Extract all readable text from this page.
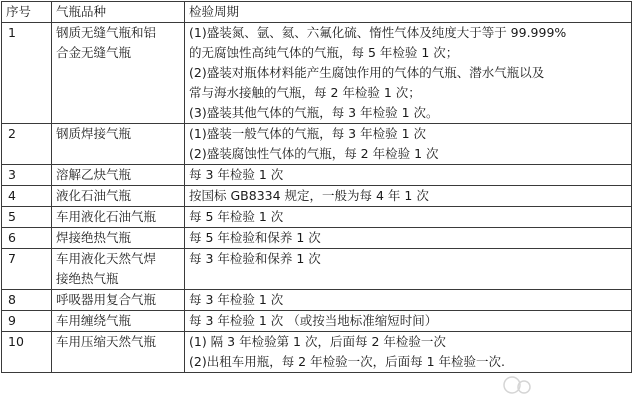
序号	气瓶品种	检验周期
1	钢质无缝气瓶和铝
合金无缝气瓶	(1)盛装氮、氩、氦、六氟化硫、惰性气体及纯度大于等于 99.999%
的无腐蚀性高纯气体的气瓶，每 5 年检验 1 次；
(2)盛装对瓶体材料能产生腐蚀作用的气体的气瓶、潜水气瓶以及
常与海水接触的气瓶，每 2 年检验 1 次；
(3)盛装其他气体的气瓶，每 3 年检验 1 次。

2	钢质焊接气瓶	(1)盛装一般气体的气瓶，每 3 年检验 1 次
(2)盛装腐蚀性气体的气瓶，每 2 年检验 1 次

3	溶解乙炔气瓶	每 3 年检验 1 次

4	液化石油气瓶	按国标 GB8334 规定，一般为每 4 年 1 次

5	车用液化石油气瓶	每 5 年检验 1 次

6	焊接绝热气瓶	每 5 年检验和保养 1 次

7	车用液化天然气焊
接绝热气瓶	每 3 年检验和保养 1 次

8	呼吸器用复合气瓶	每 3 年检验 1 次

9	车用缠绕气瓶	每 3 年检验 1 次 （或按当地标准缩短时间）

10	车用压缩天然气瓶	(1) 隔 3 年检验第 1 次，后面每 2 年检验一次
(2)出租车用瓶，每 2 年检验一次，后面每 1 年检验一次.
